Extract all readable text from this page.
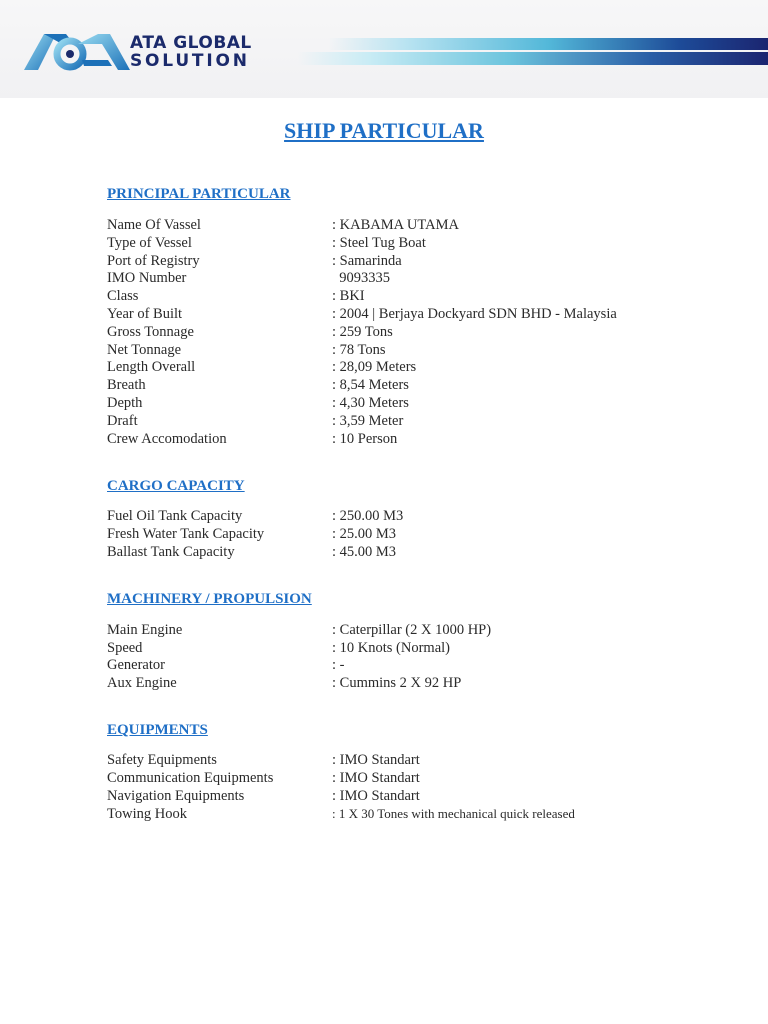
ATA GLOBAL
SOLUTION
SHIP PARTICULAR
PRINCIPAL PARTICULAR
Name Of Vassel	: KABAMA UTAMA
Type of Vessel	: Steel Tug Boat
Port of Registry	: Samarinda
IMO Number	9093335
Class	: BKI
Year of Built	: 2004 | Berjaya Dockyard SDN BHD - Malaysia
Gross Tonnage	: 259 Tons
Net Tonnage	: 78 Tons
Length Overall	: 28,09 Meters
Breath	: 8,54 Meters
Depth	: 4,30 Meters
Draft	: 3,59 Meter
Crew Accomodation	: 10 Person
CARGO CAPACITY
Fuel Oil Tank Capacity	: 250.00 M3
Fresh Water Tank Capacity	: 25.00 M3
Ballast Tank Capacity	: 45.00 M3
MACHINERY / PROPULSION
Main Engine	: Caterpillar (2 X 1000 HP)
Speed	: 10 Knots (Normal)
Generator	: -
Aux Engine	: Cummins 2 X 92 HP
EQUIPMENTS
Safety Equipments	: IMO Standart
Communication Equipments	: IMO Standart
Navigation Equipments	: IMO Standart
Towing Hook	: 1 X 30 Tones with mechanical quick released
